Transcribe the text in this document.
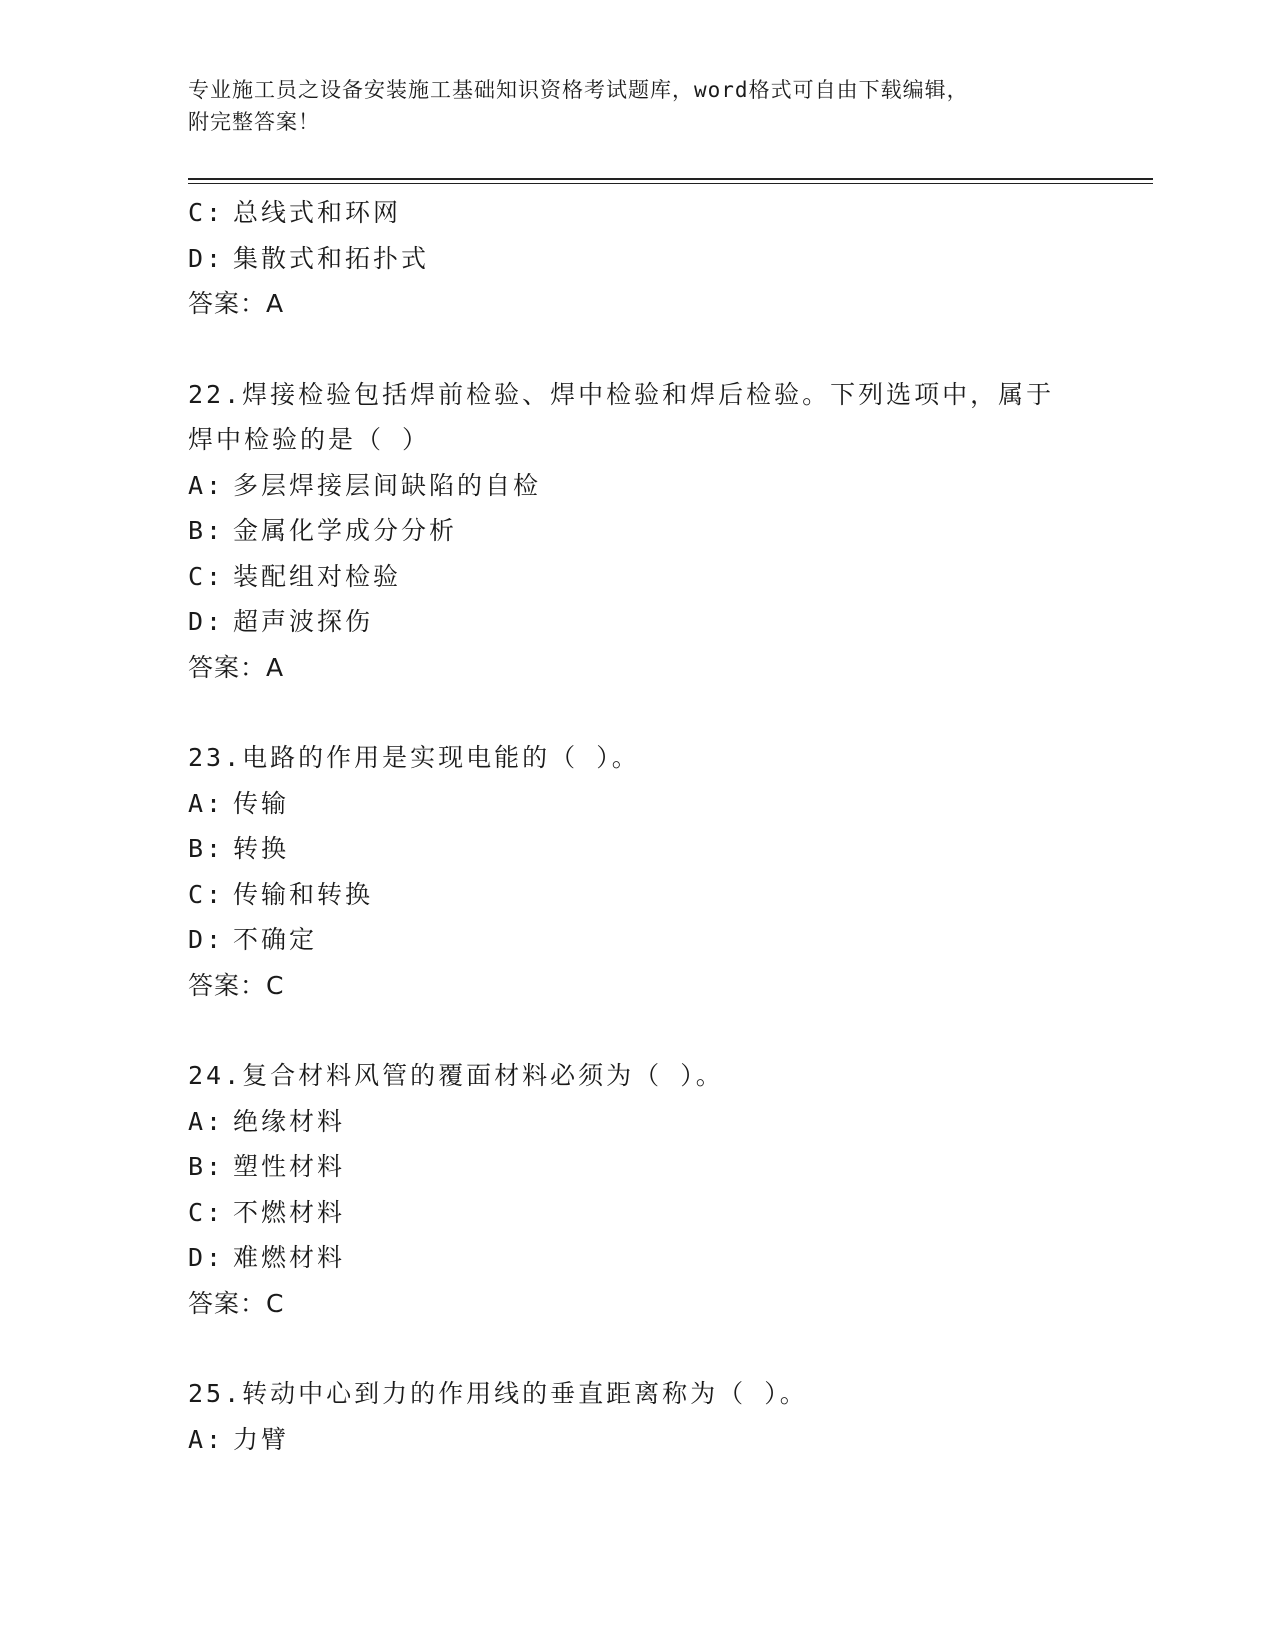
专业施工员之设备安装施工基础知识资格考试题库，word格式可自由下载编辑，
附完整答案！
C: 总线式和环网
D: 集散式和拓扑式
答案：A
22.焊接检验包括焊前检验、焊中检验和焊后检验。下列选项中，属于
焊中检验的是（ ）
A: 多层焊接层间缺陷的自检
B: 金属化学成分分析
C: 装配组对检验
D: 超声波探伤
答案：A
23.电路的作用是实现电能的（ ）。
A: 传输
B: 转换
C: 传输和转换
D: 不确定
答案：C
24.复合材料风管的覆面材料必须为（ ）。
A: 绝缘材料
B: 塑性材料
C: 不燃材料
D: 难燃材料
答案：C
25.转动中心到力的作用线的垂直距离称为（ ）。
A: 力臂
